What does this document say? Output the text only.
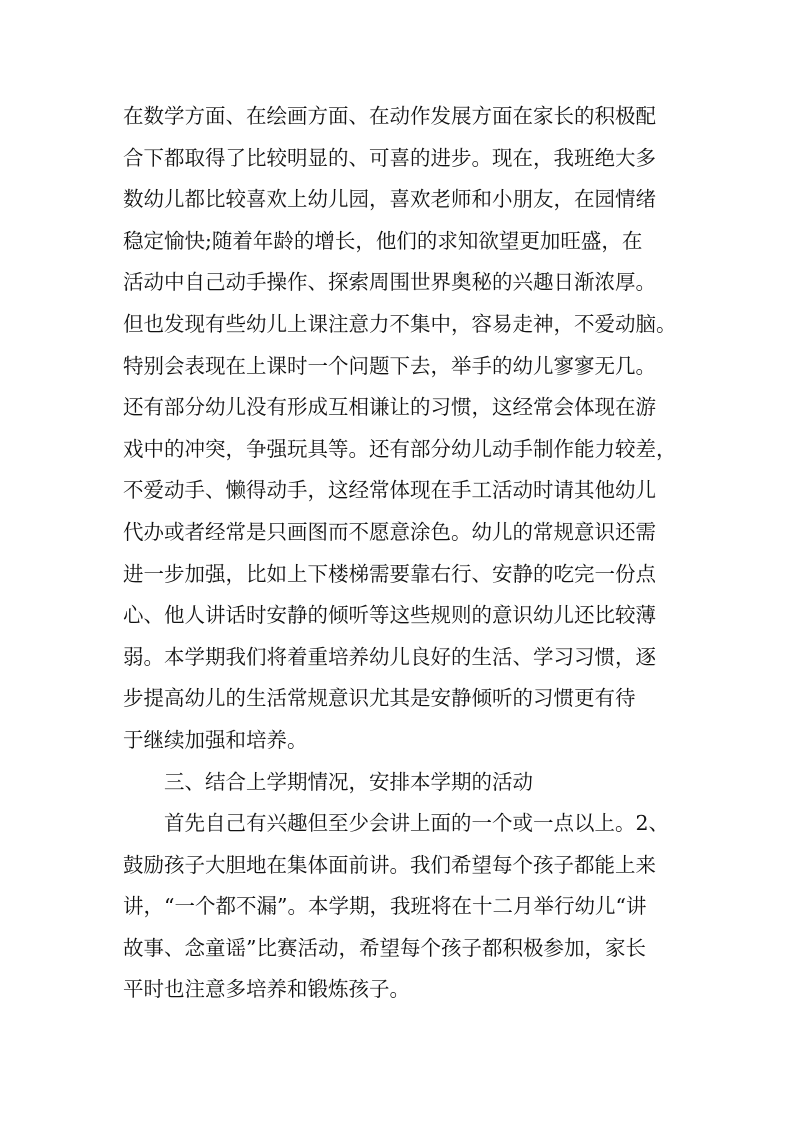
在数学方面、在绘画方面、在动作发展方面在家长的积极配
合下都取得了比较明显的、可喜的进步。现在，我班绝大多
数幼儿都比较喜欢上幼儿园，喜欢老师和小朋友，在园情绪
稳定愉快;随着年龄的增长，他们的求知欲望更加旺盛，在
活动中自己动手操作、探索周围世界奥秘的兴趣日渐浓厚。
但也发现有些幼儿上课注意力不集中，容易走神，不爱动脑。
特别会表现在上课时一个问题下去，举手的幼儿寥寥无几。
还有部分幼儿没有形成互相谦让的习惯，这经常会体现在游
戏中的冲突，争强玩具等。还有部分幼儿动手制作能力较差，
不爱动手、懒得动手，这经常体现在手工活动时请其他幼儿
代办或者经常是只画图而不愿意涂色。幼儿的常规意识还需
进一步加强，比如上下楼梯需要靠右行、安静的吃完一份点
心、他人讲话时安静的倾听等这些规则的意识幼儿还比较薄
弱。本学期我们将着重培养幼儿良好的生活、学习习惯，逐
步提高幼儿的生活常规意识尤其是安静倾听的习惯更有待
于继续加强和培养。
三、结合上学期情况，安排本学期的活动
首先自己有兴趣但至少会讲上面的一个或一点以上。2、
鼓励孩子大胆地在集体面前讲。我们希望每个孩子都能上来
讲，“一个都不漏”。本学期，我班将在十二月举行幼儿“讲
故事、念童谣”比赛活动，希望每个孩子都积极参加，家长
平时也注意多培养和锻炼孩子。
